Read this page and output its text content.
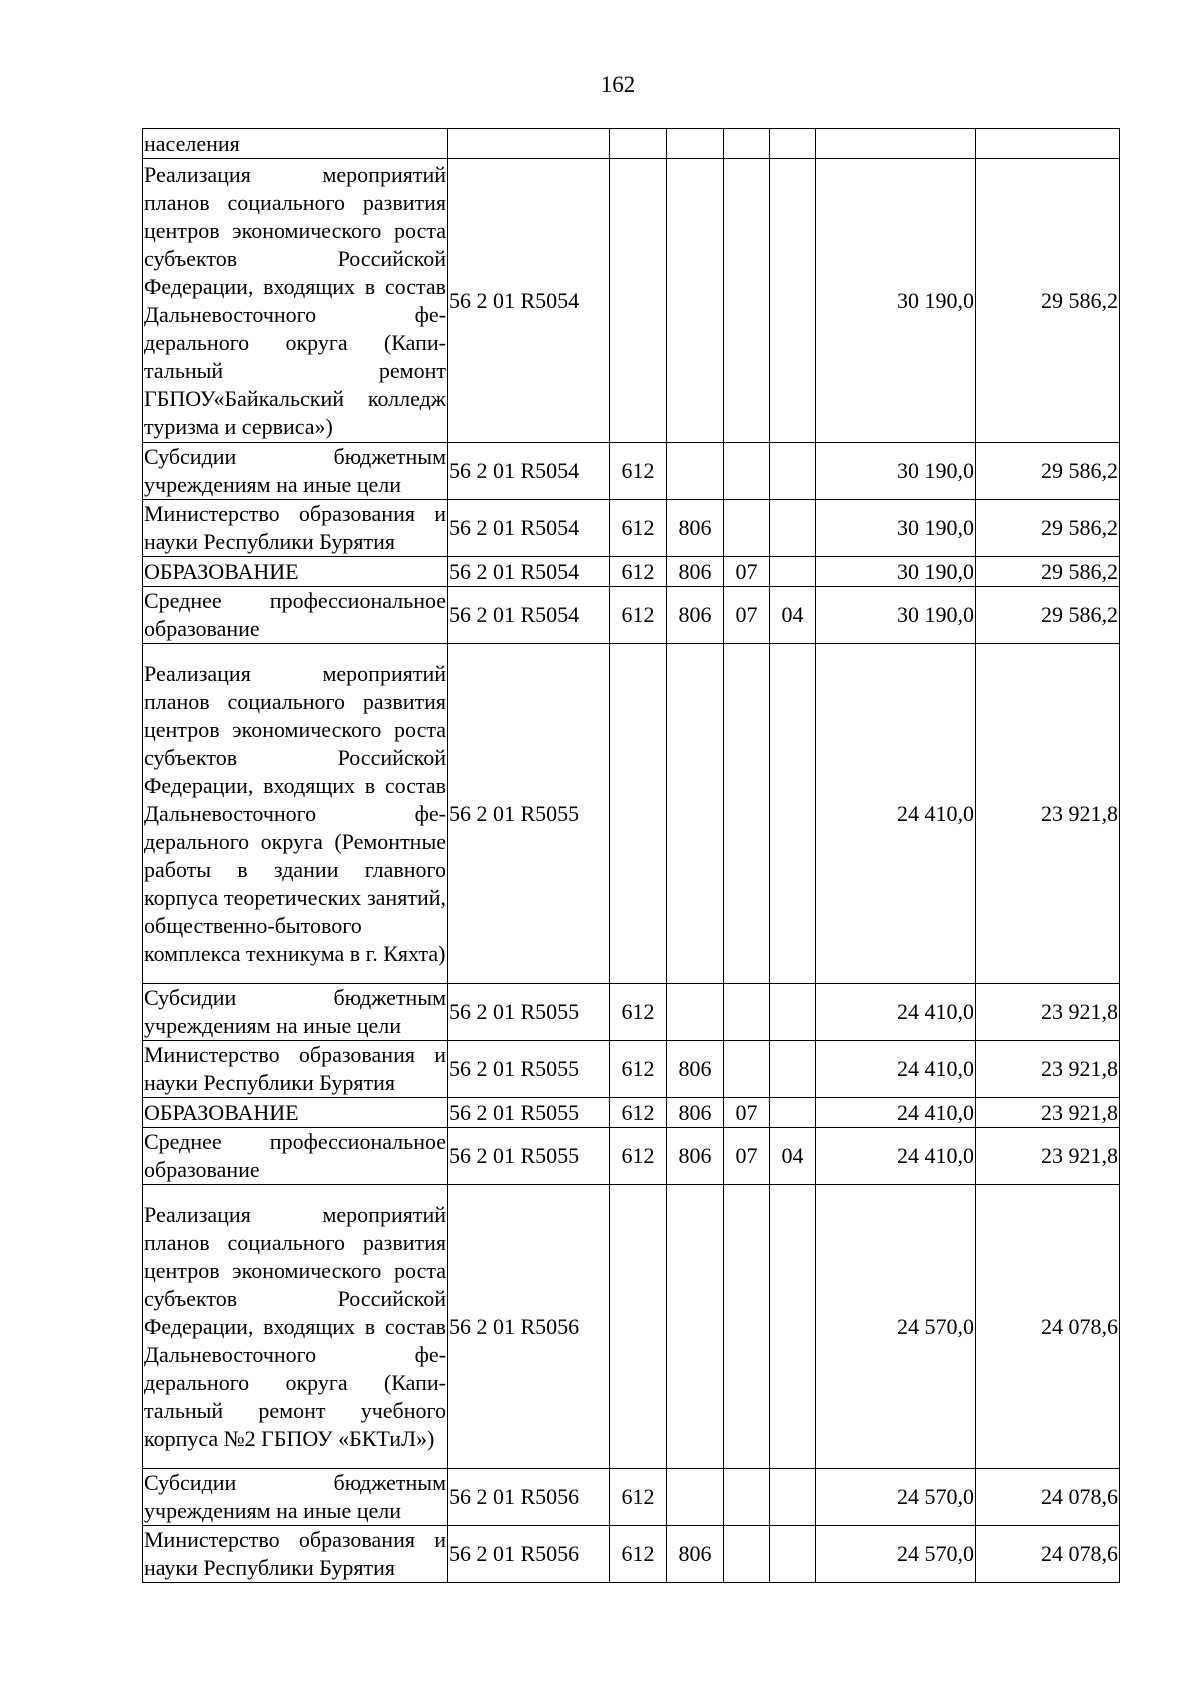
162
населения							
Реализация мероприятий планов социального развития центров экономического роста субъектов Российской Федерации, входящих в состав Дальневосточного федерального округа (Капитальный ремонт ГБПОУ«Байкальский колледж туризма и сервиса»)	56 2 01 R5054					30 190,0	29 586,2
Субсидии бюджетным учреждениям на иные цели	56 2 01 R5054	612				30 190,0	29 586,2
Министерство образования и науки Республики Бурятия	56 2 01 R5054	612	806			30 190,0	29 586,2
ОБРАЗОВАНИЕ	56 2 01 R5054	612	806	07		30 190,0	29 586,2
Среднее профессиональное образование	56 2 01 R5054	612	806	07	04	30 190,0	29 586,2
Реализация мероприятий планов социального развития центров экономического роста субъектов Российской Федерации, входящих в состав Дальневосточного федерального округа (Ремонтные работы в здании главного корпуса теоретических занятий, общественно-бытового комплекса техникума в г. Кяхта)	56 2 01 R5055					24 410,0	23 921,8
Субсидии бюджетным учреждениям на иные цели	56 2 01 R5055	612				24 410,0	23 921,8
Министерство образования и науки Республики Бурятия	56 2 01 R5055	612	806			24 410,0	23 921,8
ОБРАЗОВАНИЕ	56 2 01 R5055	612	806	07		24 410,0	23 921,8
Среднее профессиональное образование	56 2 01 R5055	612	806	07	04	24 410,0	23 921,8
Реализация мероприятий планов социального развития центров экономического роста субъектов Российской Федерации, входящих в состав Дальневосточного федерального округа (Капитальный ремонт учебного корпуса №2 ГБПОУ «БКТиЛ»)	56 2 01 R5056					24 570,0	24 078,6
Субсидии бюджетным учреждениям на иные цели	56 2 01 R5056	612				24 570,0	24 078,6
Министерство образования и науки Республики Бурятия	56 2 01 R5056	612	806			24 570,0	24 078,6
